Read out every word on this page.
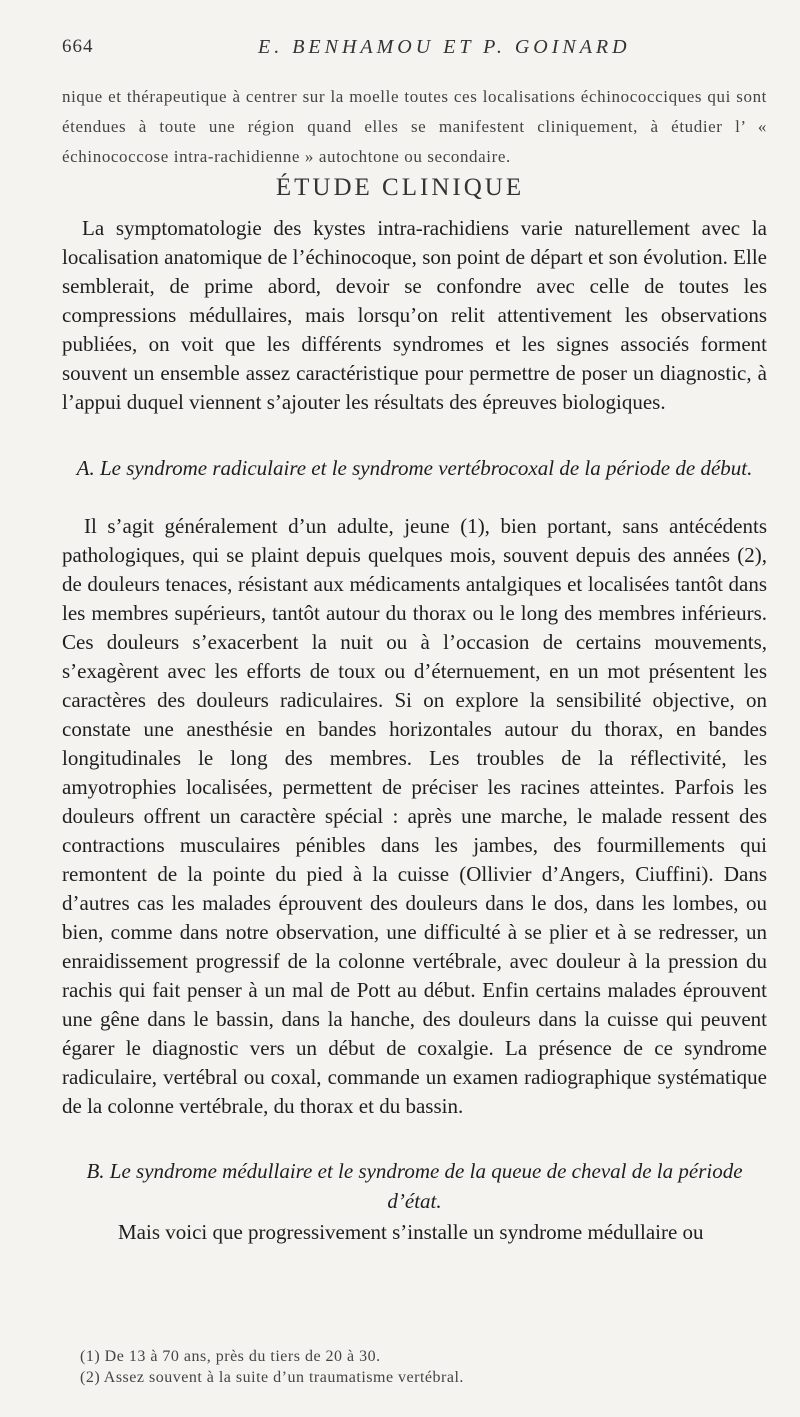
664	E. BENHAMOU ET P. GOINARD
nique et thérapeutique à centrer sur la moelle toutes ces localisations échinococciques qui sont étendues à toute une région quand elles se manifestent cliniquement, à étudier l’ « échinococcose intra-rachidienne » autochtone ou secondaire.
ÉTUDE CLINIQUE
La symptomatologie des kystes intra-rachidiens varie naturellement avec la localisation anatomique de l’échinocoque, son point de départ et son évolution. Elle semblerait, de prime abord, devoir se confondre avec celle de toutes les compressions médullaires, mais lorsqu’on relit attentivement les observations publiées, on voit que les différents syndromes et les signes associés forment souvent un ensemble assez caractéristique pour permettre de poser un diagnostic, à l’appui duquel viennent s’ajouter les résultats des épreuves biologiques.
A. Le syndrome radiculaire et le syndrome vertébrocoxal de la période de début.
Il s’agit généralement d’un adulte, jeune (1), bien portant, sans antécédents pathologiques, qui se plaint depuis quelques mois, souvent depuis des années (2), de douleurs tenaces, résistant aux médicaments antalgiques et localisées tantôt dans les membres supérieurs, tantôt autour du thorax ou le long des membres inférieurs. Ces douleurs s’exacerbent la nuit ou à l’occasion de certains mouvements, s’exagèrent avec les efforts de toux ou d’éternuement, en un mot présentent les caractères des douleurs radiculaires. Si on explore la sensibilité objective, on constate une anesthésie en bandes horizontales autour du thorax, en bandes longitudinales le long des membres. Les troubles de la réflectivité, les amyotrophies localisées, permettent de préciser les racines atteintes. Parfois les douleurs offrent un caractère spécial : après une marche, le malade ressent des contractions musculaires pénibles dans les jambes, des fourmillements qui remontent de la pointe du pied à la cuisse (Ollivier d’Angers, Ciuffini). Dans d’autres cas les malades éprouvent des douleurs dans le dos, dans les lombes, ou bien, comme dans notre observation, une difficulté à se plier et à se redresser, un enraidissement progressif de la colonne vertébrale, avec douleur à la pression du rachis qui fait penser à un mal de Pott au début. Enfin certains malades éprouvent une gêne dans le bassin, dans la hanche, des douleurs dans la cuisse qui peuvent égarer le diagnostic vers un début de coxalgie. La présence de ce syndrome radiculaire, vertébral ou coxal, commande un examen radiographique systématique de la colonne vertébrale, du thorax et du bassin.
B. Le syndrome médullaire et le syndrome de la queue de cheval de la période d’état.
Mais voici que progressivement s’installe un syndrome médullaire ou
(1) De 13 à 70 ans, près du tiers de 20 à 30.
(2) Assez souvent à la suite d’un traumatisme vertébral.
